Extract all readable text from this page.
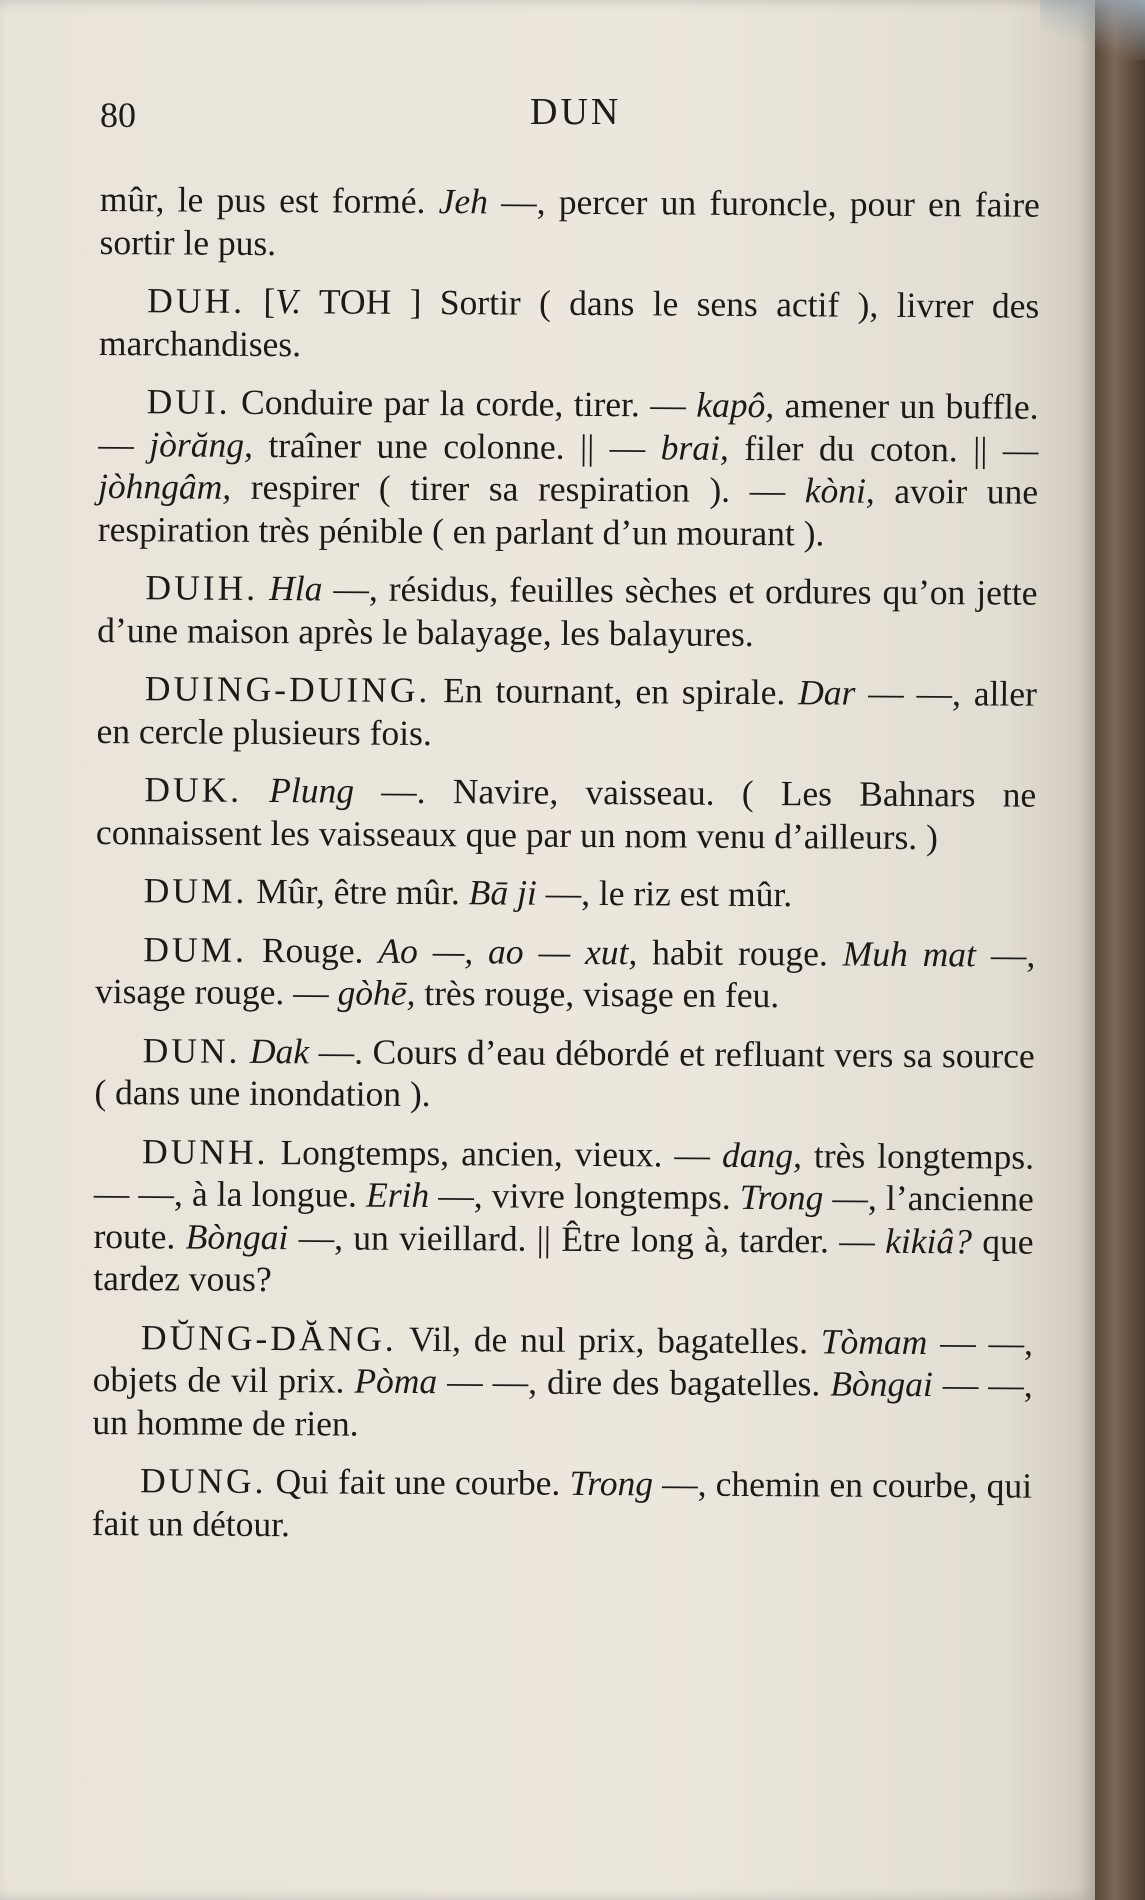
80	DUN

mûr, le pus est formé. Jeh —, percer un furoncle, pour en faire sortir le pus.

DUH. [V. TOH ] Sortir ( dans le sens actif ), livrer des marchandises.

DUI. Conduire par la corde, tirer. — kapô, amener un buffle. — jòrăng, traîner une colonne. || — brai, filer du coton. || — jòhngâm, respirer ( tirer sa respiration ). — kòni, avoir une respiration très pénible ( en parlant d’un mourant ).

DUIH. Hla —, résidus, feuilles sèches et ordures qu’on jette d’une maison après le balayage, les balayures.

DUING-DUING. En tournant, en spirale. Dar — —, aller en cercle plusieurs fois.

DUK. Plung —. Navire, vaisseau. ( Les Bahnars ne connaissent les vaisseaux que par un nom venu d’ailleurs. )

DUM. Mûr, être mûr. Bā ji —, le riz est mûr.

DUM. Rouge. Ao —, ao — xut, habit rouge. Muh mat —, visage rouge. — gòhē, très rouge, visage en feu.

DUN. Dak —. Cours d’eau débordé et refluant vers sa source ( dans une inondation ).

DUNH. Longtemps, ancien, vieux. — dang, très longtemps. — —, à la longue. Erih —, vivre longtemps. Trong —, l’ancienne route. Bòngai —, un vieillard. || Être long à, tarder. — kikiâ? que tardez vous?

DŬNG-DĂNG. Vil, de nul prix, bagatelles. Tòmam — —, objets de vil prix. Pòma — —, dire des bagatelles. Bòngai — —, un homme de rien.

DUNG. Qui fait une courbe. Trong —, chemin en courbe, qui fait un détour.
